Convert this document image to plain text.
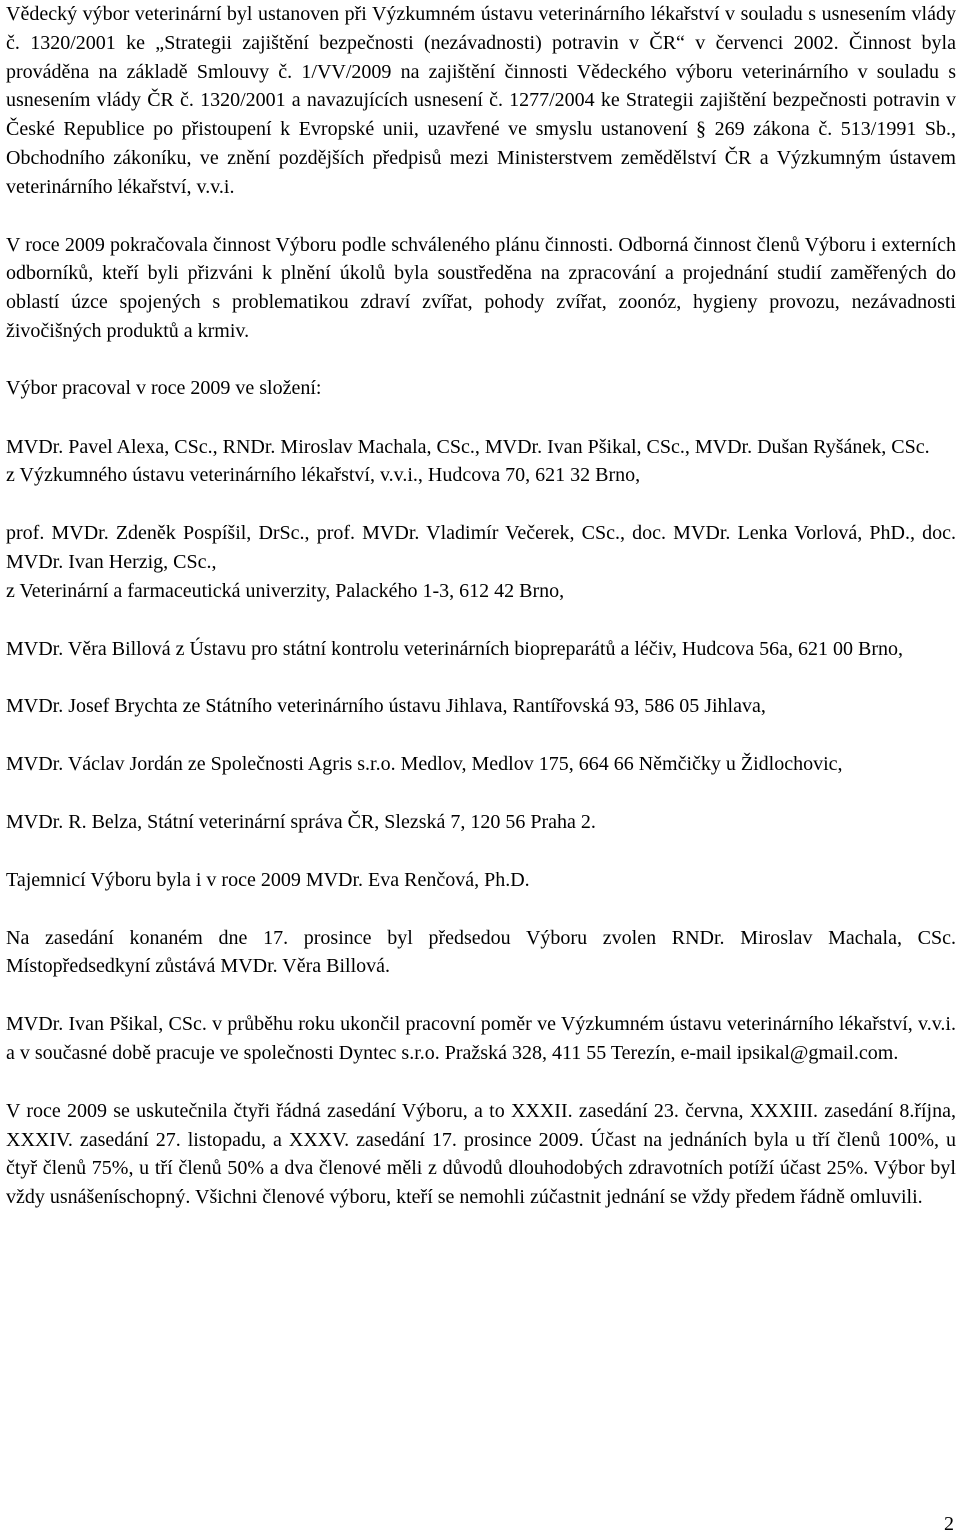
Vědecký výbor veterinární byl ustanoven při Výzkumném ústavu veterinárního lékařství v souladu s usnesením vlády č. 1320/2001 ke „Strategii zajištění bezpečnosti (nezávadnosti) potravin v ČR“ v červenci 2002. Činnost byla prováděna na základě Smlouvy č. 1/VV/2009 na zajištění činnosti Vědeckého výboru veterinárního v souladu s usnesením vlády ČR č. 1320/2001 a navazujících usnesení č. 1277/2004 ke Strategii zajištění bezpečnosti potravin v České Republice po přistoupení k Evropské unii, uzavřené ve smyslu ustanovení § 269 zákona č. 513/1991 Sb., Obchodního zákoníku, ve znění pozdějších předpisů mezi Ministerstvem zemědělství ČR a Výzkumným ústavem veterinárního lékařství, v.v.i.

V roce 2009 pokračovala činnost Výboru podle schváleného plánu činnosti. Odborná činnost členů Výboru i externích odborníků, kteří byli přizváni k plnění úkolů byla soustředěna na zpracování a projednání studií zaměřených do oblastí úzce spojených s problematikou zdraví zvířat, pohody zvířat, zoonóz, hygieny provozu, nezávadnosti živočišných produktů a krmiv.

Výbor pracoval v roce 2009 ve složení:

MVDr. Pavel Alexa, CSc., RNDr. Miroslav Machala, CSc., MVDr. Ivan Pšikal, CSc., MVDr. Dušan Ryšánek, CSc.

z Výzkumného ústavu veterinárního lékařství, v.v.i., Hudcova 70, 621 32 Brno,

prof. MVDr. Zdeněk Pospíšil, DrSc., prof. MVDr. Vladimír Večerek, CSc., doc. MVDr. Lenka Vorlová, PhD., doc. MVDr. Ivan Herzig, CSc.,

z Veterinární a farmaceutická univerzity, Palackého 1-3, 612 42 Brno,

MVDr. Věra Billová z Ústavu pro státní kontrolu veterinárních biopreparátů a léčiv, Hudcova 56a, 621 00 Brno,

MVDr. Josef Brychta ze Státního veterinárního ústavu Jihlava, Rantířovská 93, 586 05 Jihlava,

MVDr. Václav Jordán ze Společnosti Agris s.r.o. Medlov, Medlov 175, 664 66 Němčičky u Židlochovic,

MVDr. R. Belza, Státní veterinární správa ČR, Slezská 7, 120 56 Praha 2.

Tajemnicí Výboru byla i v roce 2009 MVDr. Eva Renčová, Ph.D.

Na zasedání konaném dne 17. prosince byl předsedou Výboru zvolen RNDr. Miroslav Machala, CSc. Místopředsedkyní zůstává MVDr. Věra Billová.

MVDr. Ivan Pšikal, CSc. v průběhu roku ukončil pracovní poměr ve Výzkumném ústavu veterinárního lékařství, v.v.i. a v současné době pracuje ve společnosti Dyntec s.r.o. Pražská 328, 411 55 Terezín, e-mail ipsikal@gmail.com.

V roce 2009 se uskutečnila čtyři řádná zasedání Výboru, a to XXXII. zasedání 23. června, XXXIII. zasedání 8.října, XXXIV. zasedání 27. listopadu, a XXXV. zasedání 17. prosince 2009. Účast na jednáních byla u tří členů 100%, u čtyř členů 75%, u tří členů 50% a dva členové měli z důvodů dlouhodobých zdravotních potíží účast 25%. Výbor byl vždy usnášeníschopný. Všichni členové výboru, kteří se nemohli zúčastnit jednání se vždy předem řádně omluvili.

2
